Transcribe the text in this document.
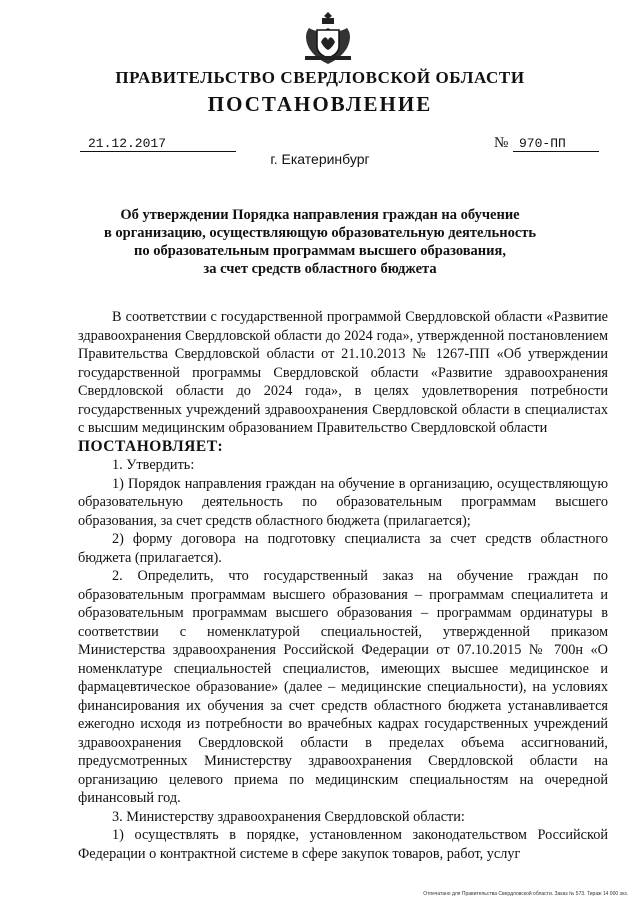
ПРАВИТЕЛЬСТВО СВЕРДЛОВСКОЙ ОБЛАСТИ
ПОСТАНОВЛЕНИЕ
21.12.2017	№ 970-ПП
г. Екатеринбург
Об утверждении Порядка направления граждан на обучение
в организацию, осуществляющую образовательную деятельность
по образовательным программам высшего образования,
за счет средств областного бюджета

В соответствии с государственной программой Свердловской области «Развитие здравоохранения Свердловской области до 2024 года», утвержденной постановлением Правительства Свердловской области от 21.10.2013 № 1267-ПП «Об утверждении государственной программы Свердловской области «Развитие здравоохранения Свердловской области до 2024 года», в целях удовлетворения потребности государственных учреждений здравоохранения Свердловской области в специалистах с высшим медицинским образованием Правительство Свердловской области

ПОСТАНОВЛЯЕТ:

1. Утвердить:

1) Порядок направления граждан на обучение в организацию, осуществляющую образовательную деятельность по образовательным программам высшего образования, за счет средств областного бюджета (прилагается);

2) форму договора на подготовку специалиста за счет средств областного бюджета (прилагается).

2. Определить, что государственный заказ на обучение граждан по образовательным программам высшего образования – программам специалитета и образовательным программам высшего образования – программам ординатуры в соответствии с номенклатурой специальностей, утвержденной приказом Министерства здравоохранения Российской Федерации от 07.10.2015 № 700н «О номенклатуре специальностей специалистов, имеющих высшее медицинское и фармацевтическое образование» (далее – медицинские специальности), на условиях финансирования их обучения за счет средств областного бюджета устанавливается ежегодно исходя из потребности во врачебных кадрах государственных учреждений здравоохранения Свердловской области в пределах объема ассигнований, предусмотренных Министерству здравоохранения Свердловской области на организацию целевого приема по медицинским специальностям на очередной финансовый год.

3. Министерству здравоохранения Свердловской области:

1) осуществлять в порядке, установленном законодательством Российской Федерации о контрактной системе в сфере закупок товаров, работ, услуг

Отпечатано для Правительства Свердловской области. Заказ № 573. Тираж 14 000 экз.
